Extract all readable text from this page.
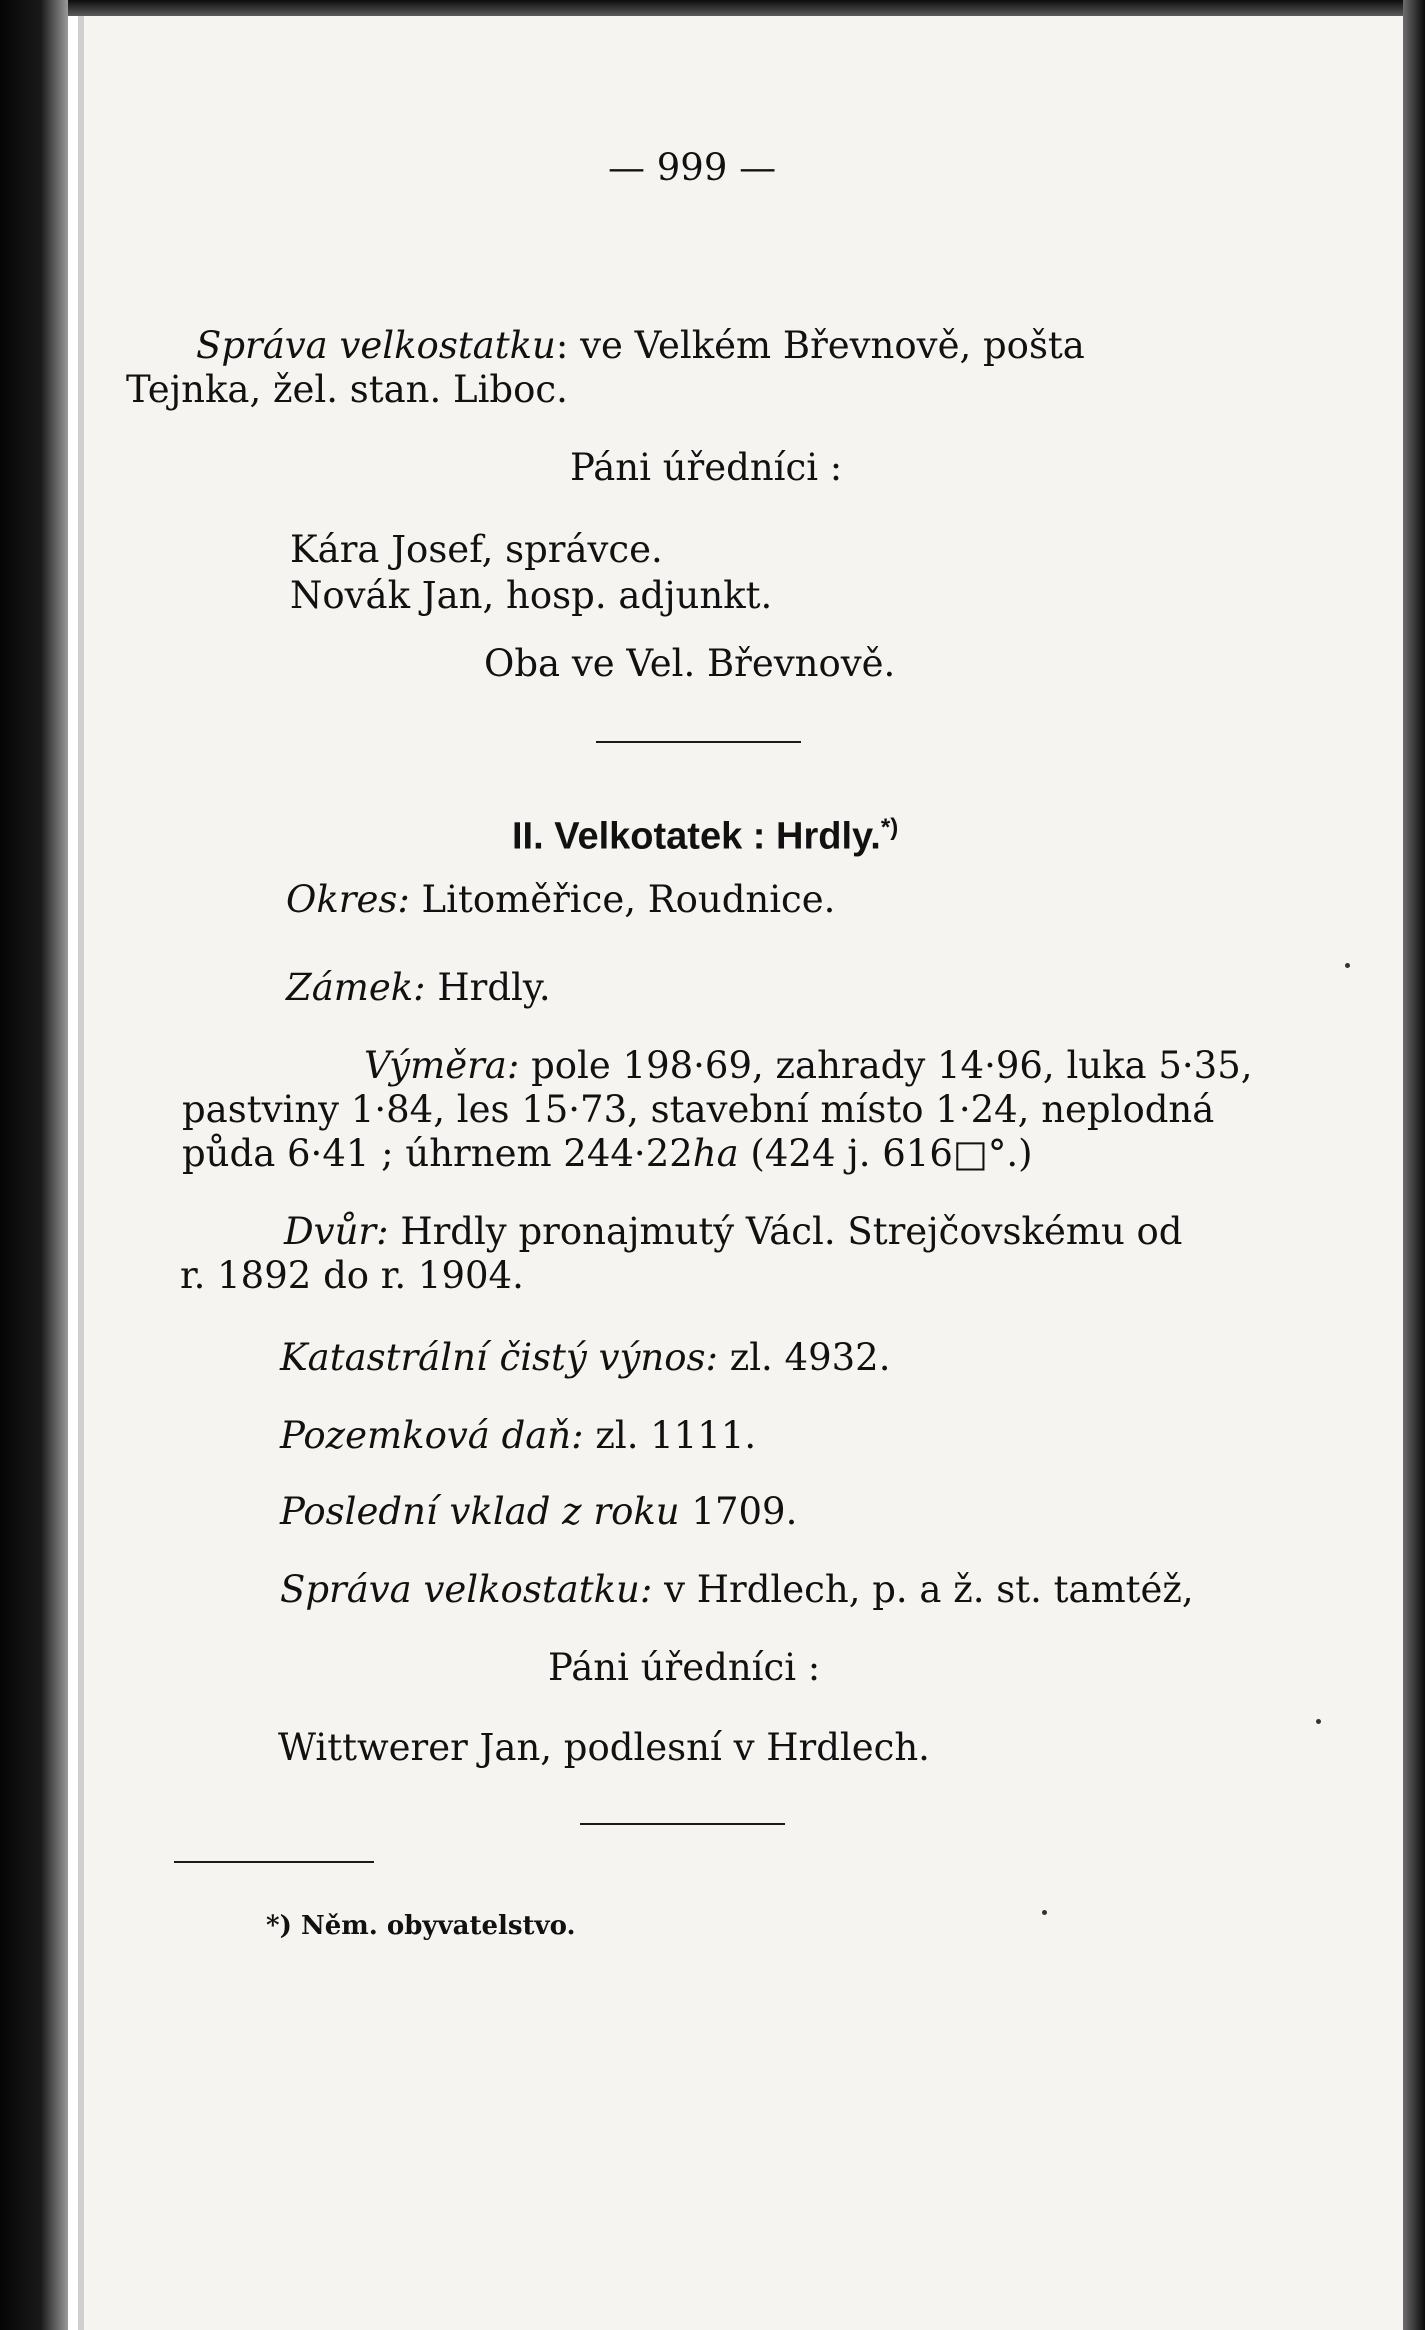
— 999 —

Správa velkostatku: ve Velkém Břevnově, pošta

Tejnka, žel. stan. Liboc.

Páni úředníci :

Kára Josef, správce.

Novák Jan, hosp. adjunkt.

Oba ve Vel. Břevnově.

II. Velkotatek : Hrdly.*)

Okres: Litoměřice, Roudnice.

Zámek: Hrdly.

Výměra: pole 198·69, zahrady 14·96, luka 5·35,

pastviny 1·84, les 15·73, stavební místo 1·24, neplodná

půda 6·41 ; úhrnem 244·22ha (424 j. 616□°.)

Dvůr: Hrdly pronajmutý Václ. Strejčovskému od

r. 1892 do r. 1904.

Katastrální čistý výnos: zl. 4932.

Pozemková daň: zl. 1111.

Poslední vklad z roku 1709.

Správa velkostatku: v Hrdlech, p. a ž. st. tamtéž,

Páni úředníci :

Wittwerer Jan, podlesní v Hrdlech.

*) Něm. obyvatelstvo.
